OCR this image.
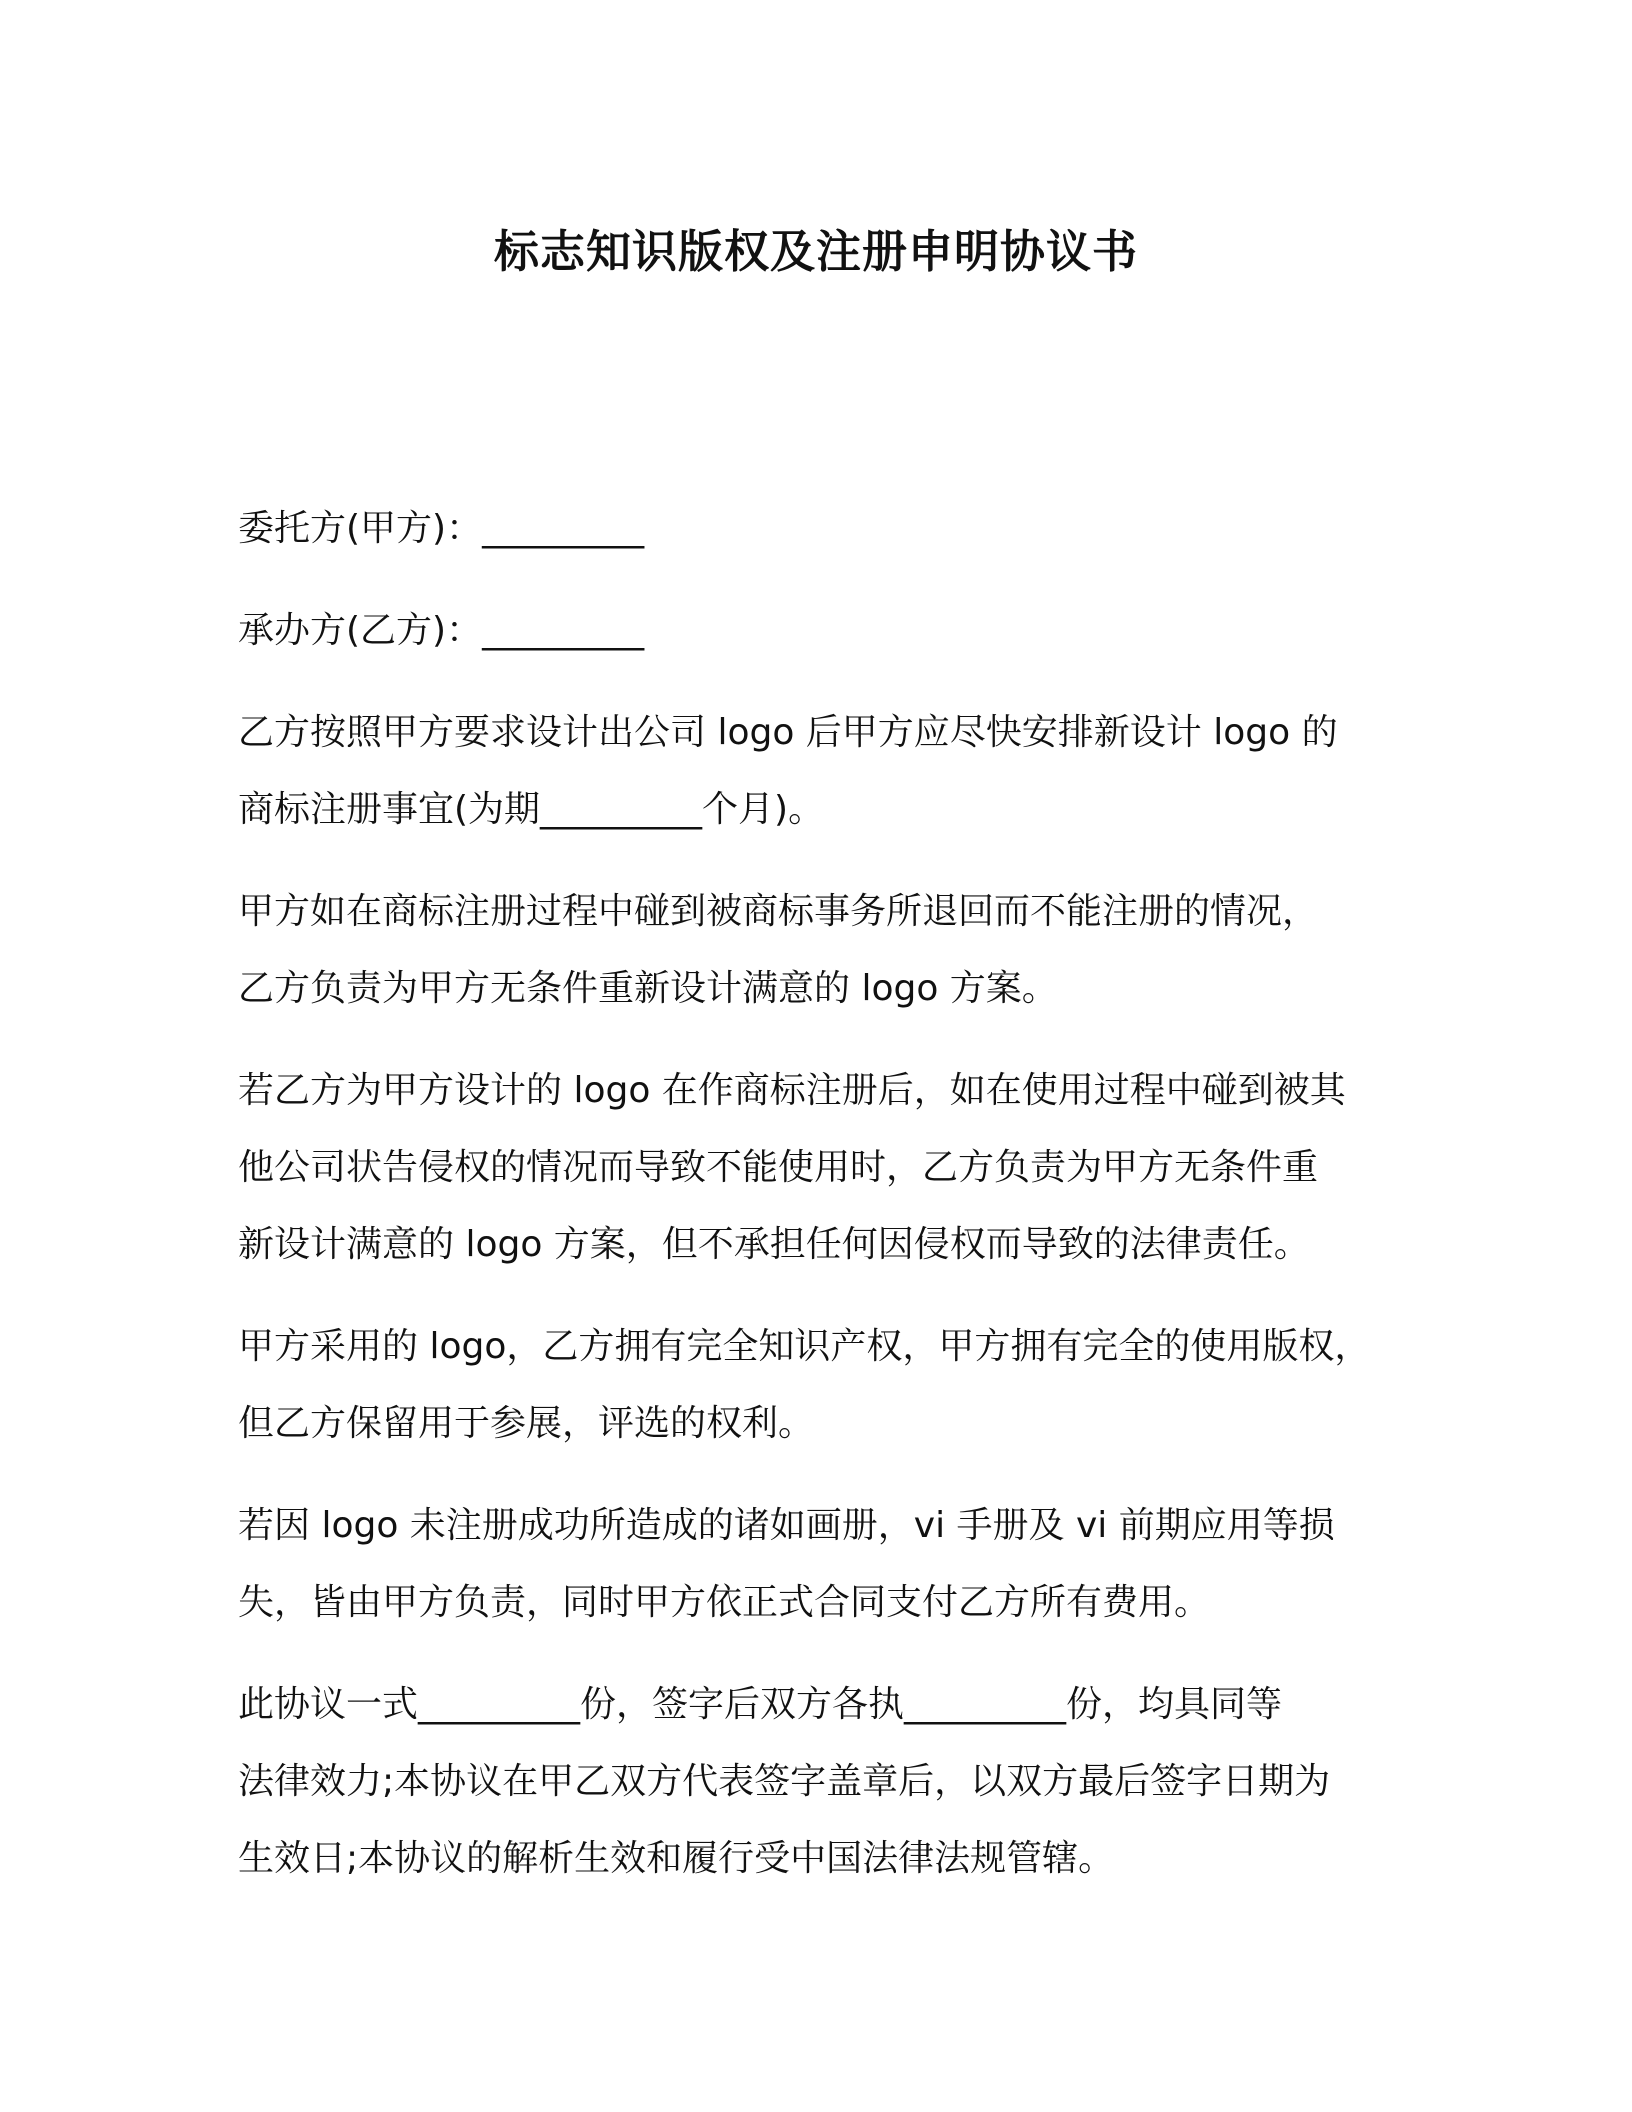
标志知识版权及注册申明协议书

委托方(甲方)：_________

承办方(乙方)：_________

乙方按照甲方要求设计出公司 logo 后甲方应尽快安排新设计 logo 的
商标注册事宜(为期_________个月)。

甲方如在商标注册过程中碰到被商标事务所退回而不能注册的情况，
乙方负责为甲方无条件重新设计满意的 logo 方案。

若乙方为甲方设计的 logo 在作商标注册后，如在使用过程中碰到被其
他公司状告侵权的情况而导致不能使用时，乙方负责为甲方无条件重
新设计满意的 logo 方案，但不承担任何因侵权而导致的法律责任。

甲方采用的 logo，乙方拥有完全知识产权，甲方拥有完全的使用版权，
但乙方保留用于参展，评选的权利。

若因 logo 未注册成功所造成的诸如画册，vi 手册及 vi 前期应用等损
失，皆由甲方负责，同时甲方依正式合同支付乙方所有费用。

此协议一式_________份，签字后双方各执_________份，均具同等
法律效力;本协议在甲乙双方代表签字盖章后，以双方最后签字日期为
生效日;本协议的解析生效和履行受中国法律法规管辖。
